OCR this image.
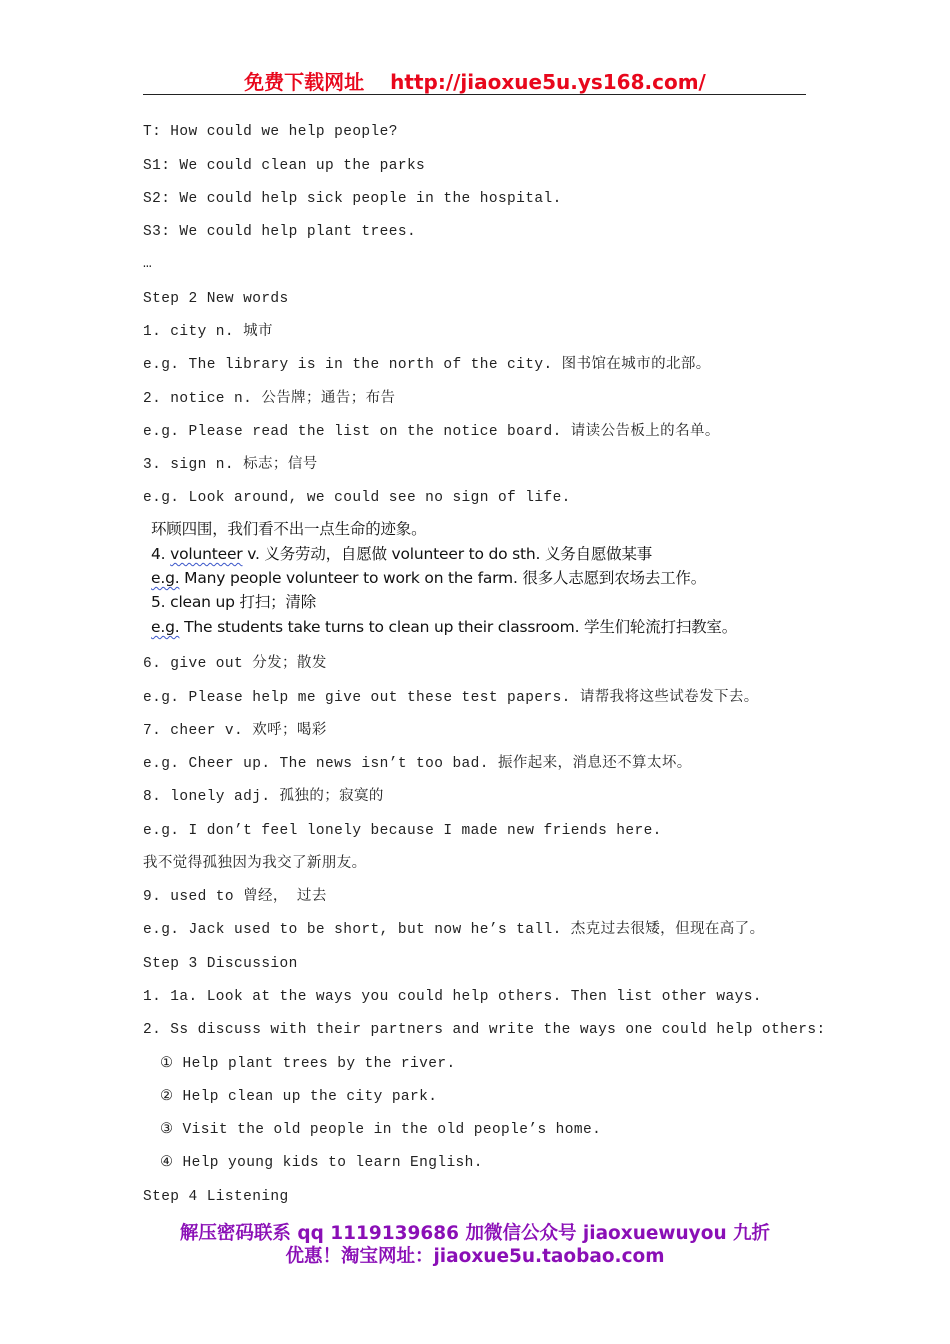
免费下载网址 http://jiaoxue5u.ys168.com/
T: How could we help people?
S1: We could clean up the parks
S2: We could help sick people in the hospital.
S3: We could help plant trees.
…
Step 2 New words
1. city n. 城市
e.g. The library is in the north of the city. 图书馆在城市的北部。
2. notice n. 公告牌；通告；布告
e.g. Please read the list on the notice board. 请读公告板上的名单。
3. sign n. 标志；信号
e.g. Look around, we could see no sign of life.
环顾四围，我们看不出一点生命的迹象。
4. volunteer v. 义务劳动，自愿做 volunteer to do sth. 义务自愿做某事
e.g. Many people volunteer to work on the farm. 很多人志愿到农场去工作。
5. clean up 打扫；清除
e.g. The students take turns to clean up their classroom. 学生们轮流打扫教室。
6. give out 分发；散发
e.g. Please help me give out these test papers. 请帮我将这些试卷发下去。
7. cheer v. 欢呼；喝彩
e.g. Cheer up. The news isn’t too bad. 振作起来，消息还不算太坏。
8. lonely adj. 孤独的；寂寞的
e.g. I don’t feel lonely because I made new friends here.
我不觉得孤独因为我交了新朋友。
9. used to 曾经， 过去
e.g. Jack used to be short, but now he’s tall. 杰克过去很矮，但现在高了。
Step 3 Discussion
1. 1a. Look at the ways you could help others. Then list other ways.
2. Ss discuss with their partners and write the ways one could help others:
① Help plant trees by the river.
② Help clean up the city park.
③ Visit the old people in the old people’s home.
④ Help young kids to learn English.
Step 4 Listening
解压密码联系 qq 1119139686 加微信公众号 jiaoxuewuyou 九折
优惠！淘宝网址：jiaoxue5u.taobao.com
